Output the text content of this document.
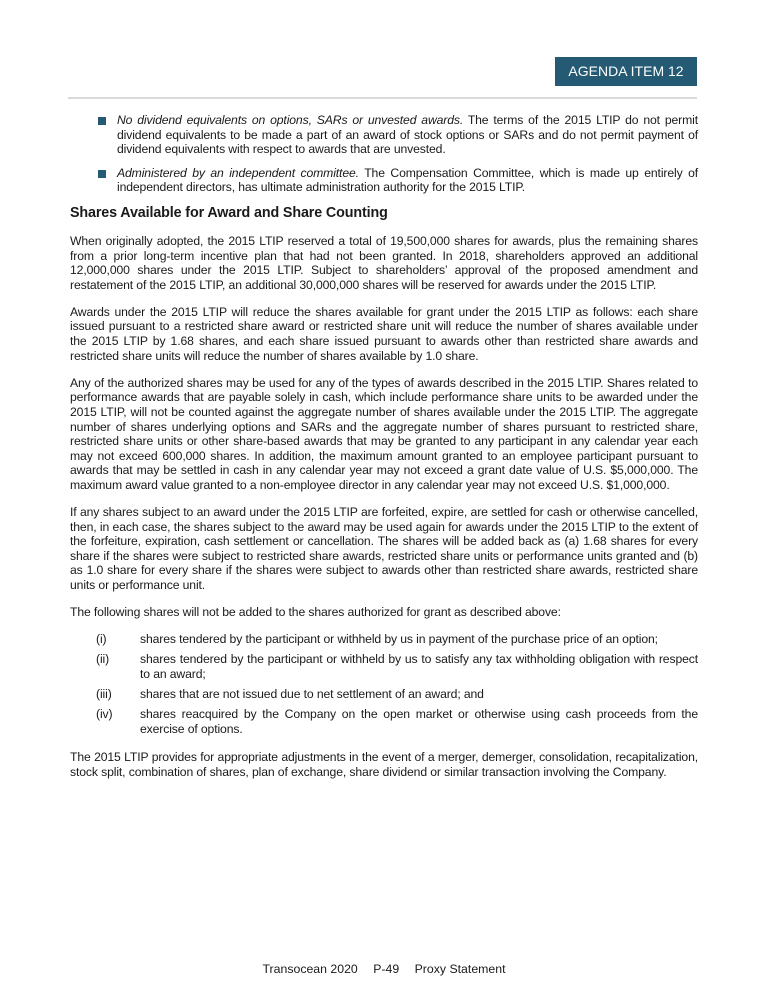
AGENDA ITEM 12
No dividend equivalents on options, SARs or unvested awards. The terms of the 2015 LTIP do not permit dividend equivalents to be made a part of an award of stock options or SARs and do not permit payment of dividend equivalents with respect to awards that are unvested.
Administered by an independent committee. The Compensation Committee, which is made up entirely of independent directors, has ultimate administration authority for the 2015 LTIP.
Shares Available for Award and Share Counting

When originally adopted, the 2015 LTIP reserved a total of 19,500,000 shares for awards, plus the remaining shares from a prior long-term incentive plan that had not been granted. In 2018, shareholders approved an additional 12,000,000 shares under the 2015 LTIP. Subject to shareholders’ approval of the proposed amendment and restatement of the 2015 LTIP, an additional 30,000,000 shares will be reserved for awards under the 2015 LTIP.

Awards under the 2015 LTIP will reduce the shares available for grant under the 2015 LTIP as follows: each share issued pursuant to a restricted share award or restricted share unit will reduce the number of shares available under the 2015 LTIP by 1.68 shares, and each share issued pursuant to awards other than restricted share awards and restricted share units will reduce the number of shares available by 1.0 share.

Any of the authorized shares may be used for any of the types of awards described in the 2015 LTIP. Shares related to performance awards that are payable solely in cash, which include performance share units to be awarded under the 2015 LTIP, will not be counted against the aggregate number of shares available under the 2015 LTIP. The aggregate number of shares underlying options and SARs and the aggregate number of shares pursuant to restricted share, restricted share units or other share-based awards that may be granted to any participant in any calendar year each may not exceed 600,000 shares. In addition, the maximum amount granted to an employee participant pursuant to awards that may be settled in cash in any calendar year may not exceed a grant date value of U.S. $5,000,000. The maximum award value granted to a non-employee director in any calendar year may not exceed U.S. $1,000,000.

If any shares subject to an award under the 2015 LTIP are forfeited, expire, are settled for cash or otherwise cancelled, then, in each case, the shares subject to the award may be used again for awards under the 2015 LTIP to the extent of the forfeiture, expiration, cash settlement or cancellation. The shares will be added back as (a) 1.68 shares for every share if the shares were subject to restricted share awards, restricted share units or performance units granted and (b) as 1.0 share for every share if the shares were subject to awards other than restricted share awards, restricted share units or performance unit.

The following shares will not be added to the shares authorized for grant as described above:

(i)	shares tendered by the participant or withheld by us in payment of the purchase price of an option;
(ii)	shares tendered by the participant or withheld by us to satisfy any tax withholding obligation with respect to an award;
(iii) shares that are not issued due to net settlement of an award; and
(iv) shares reacquired by the Company on the open market or otherwise using cash proceeds from the exercise of options.

The 2015 LTIP provides for appropriate adjustments in the event of a merger, demerger, consolidation, recapitalization, stock split, combination of shares, plan of exchange, share dividend or similar transaction involving the Company.

Transocean 2020 P-49 Proxy Statement
